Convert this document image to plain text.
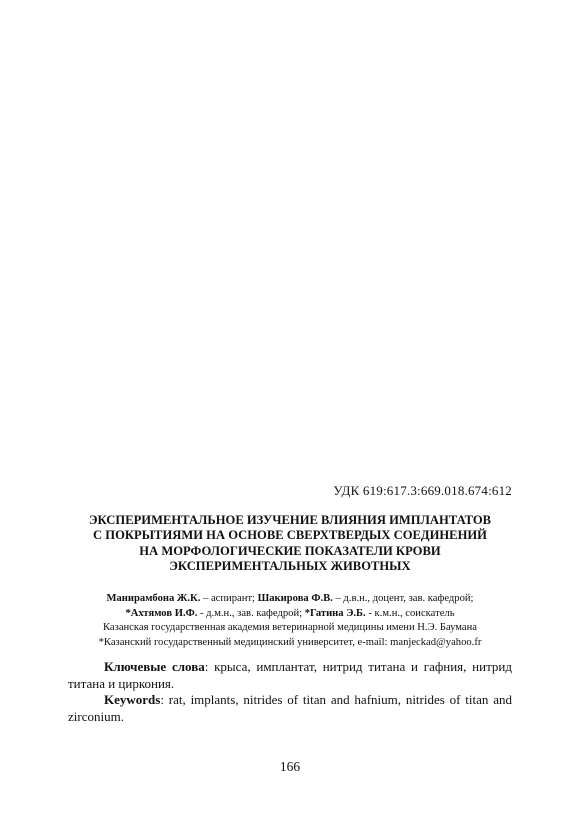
УДК 619:617.3:669.018.674:612
ЭКСПЕРИМЕНТАЛЬНОЕ ИЗУЧЕНИЕ ВЛИЯНИЯ ИМПЛАНТАТОВ
С ПОКРЫТИЯМИ НА ОСНОВЕ СВЕРХТВЕРДЫХ СОЕДИНЕНИЙ
НА МОРФОЛОГИЧЕСКИЕ ПОКАЗАТЕЛИ КРОВИ
ЭКСПЕРИМЕНТАЛЬНЫХ ЖИВОТНЫХ
Манирамбона Ж.К. – аспирант; Шакирова Ф.В. – д.в.н., доцент, зав. кафедрой;
*Ахтямов И.Ф. - д.м.н., зав. кафедрой; *Гатина Э.Б. - к.м.н., соискатель
Казанская государственная академия ветеринарной медицины имени Н.Э. Баумана
*Казанский государственный медицинский университет, e-mail: manjeckad@yahoo.fr

Ключевые слова: крыса, имплантат, нитрид титана и гафния, нитрид титана и циркония.

Keywords: rat, implants, nitrides of titan and hafnium, nitrides of titan and zirconium.

166
